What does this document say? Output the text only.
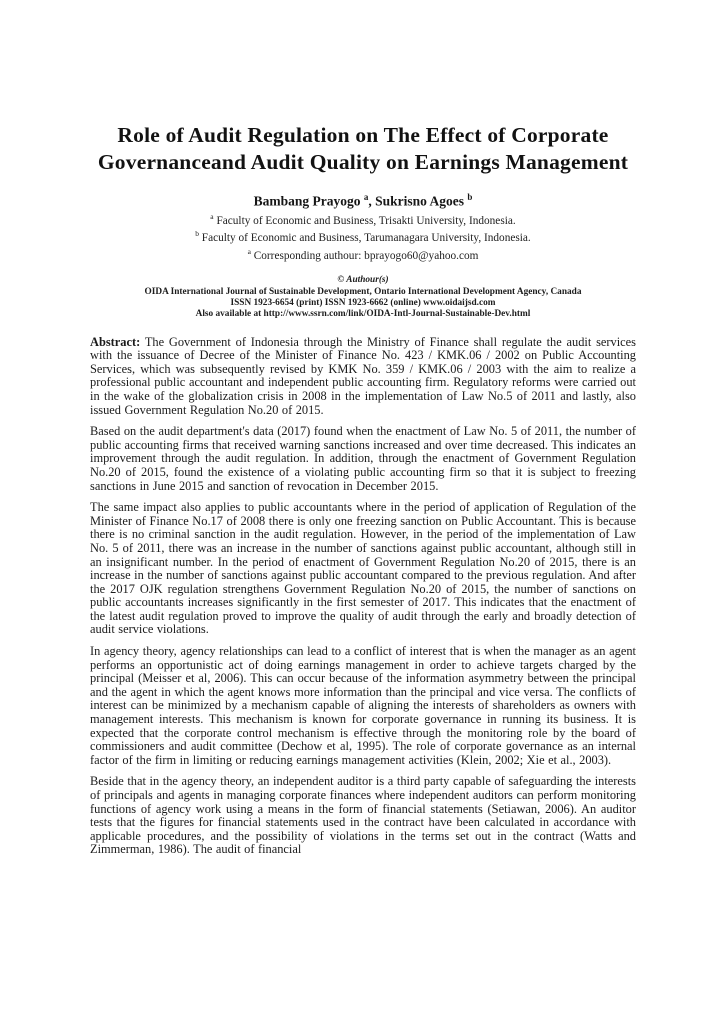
Role of Audit Regulation on The Effect of Corporate
Governanceand Audit Quality on Earnings Management
Bambang Prayogo $^a$, Sukrisno Agoes $^b$
$^a$ Faculty of Economic and Business, Trisakti University, Indonesia.
$^b$ Faculty of Economic and Business, Tarumanagara University, Indonesia.
$^a$ Corresponding authour: bprayogo60@yahoo.com
© Authour(s)
OIDA International Journal of Sustainable Development, Ontario International Development Agency, Canada
ISSN 1923-6654 (print) ISSN 1923-6662 (online) www.oidaijsd.com
Also available at http://www.ssrn.com/link/OIDA-Intl-Journal-Sustainable-Dev.html

Abstract: The Government of Indonesia through the Ministry of Finance shall regulate the audit services with the issuance of Decree of the Minister of Finance No. 423 / KMK.06 / 2002 on Public Accounting Services, which was subsequently revised by KMK No. 359 / KMK.06 / 2003 with the aim to realize a professional public accountant and independent public accounting firm. Regulatory reforms were carried out in the wake of the globalization crisis in 2008 in the implementation of Law No.5 of 2011 and lastly, also issued Government Regulation No.20 of 2015.

Based on the audit department's data (2017) found when the enactment of Law No. 5 of 2011, the number of public accounting firms that received warning sanctions increased and over time decreased. This indicates an improvement through the audit regulation. In addition, through the enactment of Government Regulation No.20 of 2015, found the existence of a violating public accounting firm so that it is subject to freezing sanctions in June 2015 and sanction of revocation in December 2015.

The same impact also applies to public accountants where in the period of application of Regulation of the Minister of Finance No.17 of 2008 there is only one freezing sanction on Public Accountant. This is because there is no criminal sanction in the audit regulation. However, in the period of the implementation of Law No. 5 of 2011, there was an increase in the number of sanctions against public accountant, although still in an insignificant number. In the period of enactment of Government Regulation No.20 of 2015, there is an increase in the number of sanctions against public accountant compared to the previous regulation. And after the 2017 OJK regulation strengthens Government Regulation No.20 of 2015, the number of sanctions on public accountants increases significantly in the first semester of 2017. This indicates that the enactment of the latest audit regulation proved to improve the quality of audit through the early and broadly detection of audit service violations.

In agency theory, agency relationships can lead to a conflict of interest that is when the manager as an agent performs an opportunistic act of doing earnings management in order to achieve targets charged by the principal (Meisser et al, 2006). This can occur because of the information asymmetry between the principal and the agent in which the agent knows more information than the principal and vice versa. The conflicts of interest can be minimized by a mechanism capable of aligning the interests of shareholders as owners with management interests. This mechanism is known for corporate governance in running its business. It is expected that the corporate control mechanism is effective through the monitoring role by the board of commissioners and audit committee (Dechow et al, 1995). The role of corporate governance as an internal factor of the firm in limiting or reducing earnings management activities (Klein, 2002; Xie et al., 2003).

Beside that in the agency theory, an independent auditor is a third party capable of safeguarding the interests of principals and agents in managing corporate finances where independent auditors can perform monitoring functions of agency work using a means in the form of financial statements (Setiawan, 2006). An auditor tests that the figures for financial statements used in the contract have been calculated in accordance with applicable procedures, and the possibility of violations in the terms set out in the contract (Watts and Zimmerman, 1986). The audit of financial
